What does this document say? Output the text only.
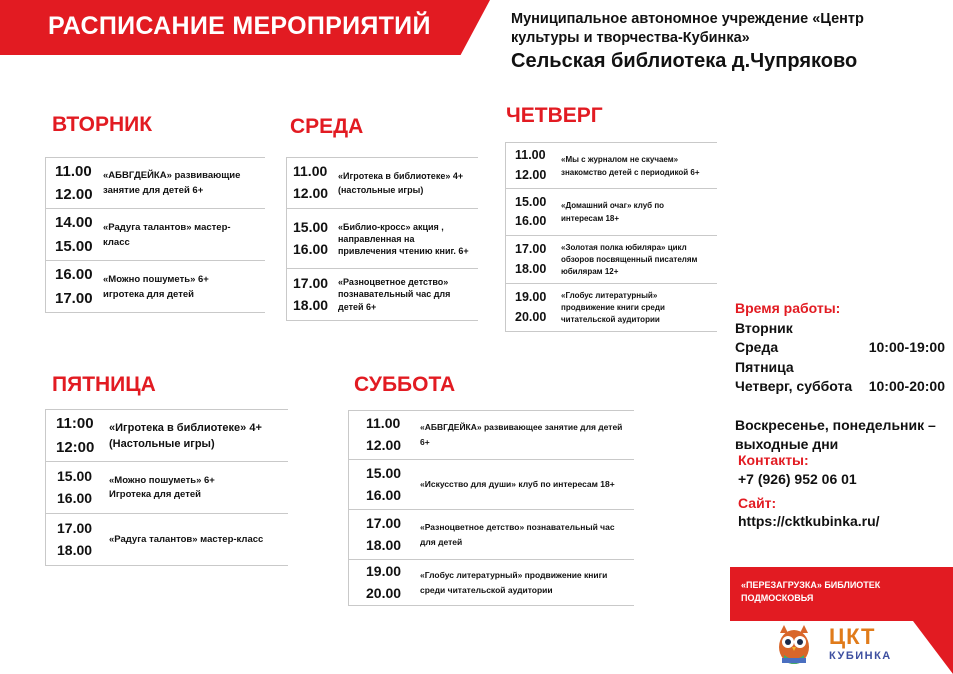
РАСПИСАНИЕ МЕРОПРИЯТИЙ	Муниципальное автономное учреждение «Центр культуры и творчества-Кубинка»
Сельская библиотека д.Чупряково
ВТОРНИК
11.00
12.00
«АБВГДЕЙКА» развивающие занятие для детей 6+
14.00
15.00
«Радуга талантов» мастер-класс
16.00
17.00
«Можно пошуметь» 6+ игротека для детей
СРЕДА
11.00
12.00
«Игротека в библиотеке» 4+ (настольные игры)
15.00
16.00
«Библио-кросс» акция , направленная на привлечения чтению книг. 6+
17.00
18.00
«Разноцветное детство» познавательный час для детей 6+
ЧЕТВЕРГ
11.00
12.00
«Мы с журналом не скучаем» знакомство детей с периодикой 6+
15.00
16.00
«Домашний очаг» клуб по интересам 18+
17.00
18.00
«Золотая полка юбиляра» цикл обзоров посвященный писателям юбилярам 12+
19.00
20.00
«Глобус литературный» продвижение книги среди читательской аудитории
ПЯТНИЦА
11:00
12:00
«Игротека в библиотеке» 4+ (Настольные игры)
15.00
16.00
«Можно пошуметь» 6+ Игротека для детей
17.00
18.00
«Радуга талантов» мастер-класс
СУББОТА
11.00
12.00
«АБВГДЕЙКА» развивающее занятие для детей 6+
15.00
16.00
«Искусство для души» клуб по интересам 18+
17.00
18.00
«Разноцветное детство» познавательный час для детей
19.00
20.00
«Глобус литературный» продвижение книги среди читательской аудитории
Время работы:
Вторник
Среда	10:00-19:00
Пятница
Четверг, суббота 10:00-20:00
Воскресенье, понедельник –
выходные дни
Контакты:
+7 (926) 952 06 01
Сайт:
https://cktkubinka.ru/
«ПЕРЕЗАГРУЗКА» БИБЛИОТЕК
ПОДМОСКОВЬЯ
ЦКТ
КУБИНКА
